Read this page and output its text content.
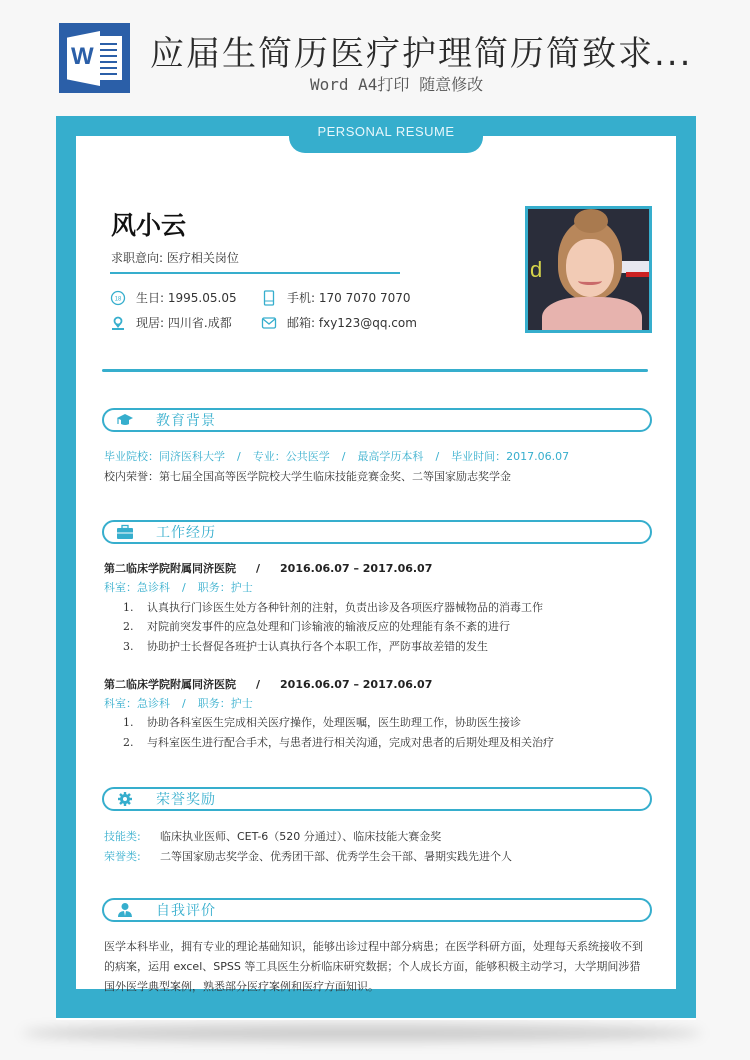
W 应届生简历医疗护理简历简致求...
Word A4打印 随意修改
PERSONAL RESUME
风小云
求职意向: 医疗相关岗位
18 生日:
1995.05.05	手机:
170 7070 7070
现居:
四川省.成都	邮箱:
fxy123@qq.com
d
教育背景
毕业院校：同济医科大学 / 专业：公共医学 / 最高学历本科 / 毕业时间：2017.06.07
校内荣誉：第七届全国高等医学院校大学生临床技能竞赛金奖、二等国家励志奖学金
工作经历
第二临床学院附属同济医院 / 2016.06.07 – 2017.06.07
科室：急诊科 / 职务：护士
1. 认真执行门诊医生处方各种针剂的注射，负责出诊及各项医疗器械物品的消毒工作
2. 对院前突发事件的应急处理和门诊输液的输液反应的处理能有条不紊的进行
3. 协助护士长督促各班护士认真执行各个本职工作，严防事故差错的发生
第二临床学院附属同济医院 / 2016.06.07 – 2017.06.07
科室：急诊科 / 职务：护士
1. 协助各科室医生完成相关医疗操作，处理医嘱，医生助理工作，协助医生接诊
2. 与科室医生进行配合手术，与患者进行相关沟通，完成对患者的后期处理及相关治疗
荣誉奖励
技能类: 临床执业医师、CET-6（520 分通过）、临床技能大赛金奖
荣誉类: 二等国家励志奖学金、优秀团干部、优秀学生会干部、暑期实践先进个人
自我评价
医学本科毕业，拥有专业的理论基础知识，能够出诊过程中部分病患；在医学科研方面，处理每天系统接收不到的病案，运用 excel、SPSS 等工具医生分析临床研究数据；个人成长方面，能够积极主动学习，大学期间涉猎国外医学典型案例，熟悉部分医疗案例和医疗方面知识。
